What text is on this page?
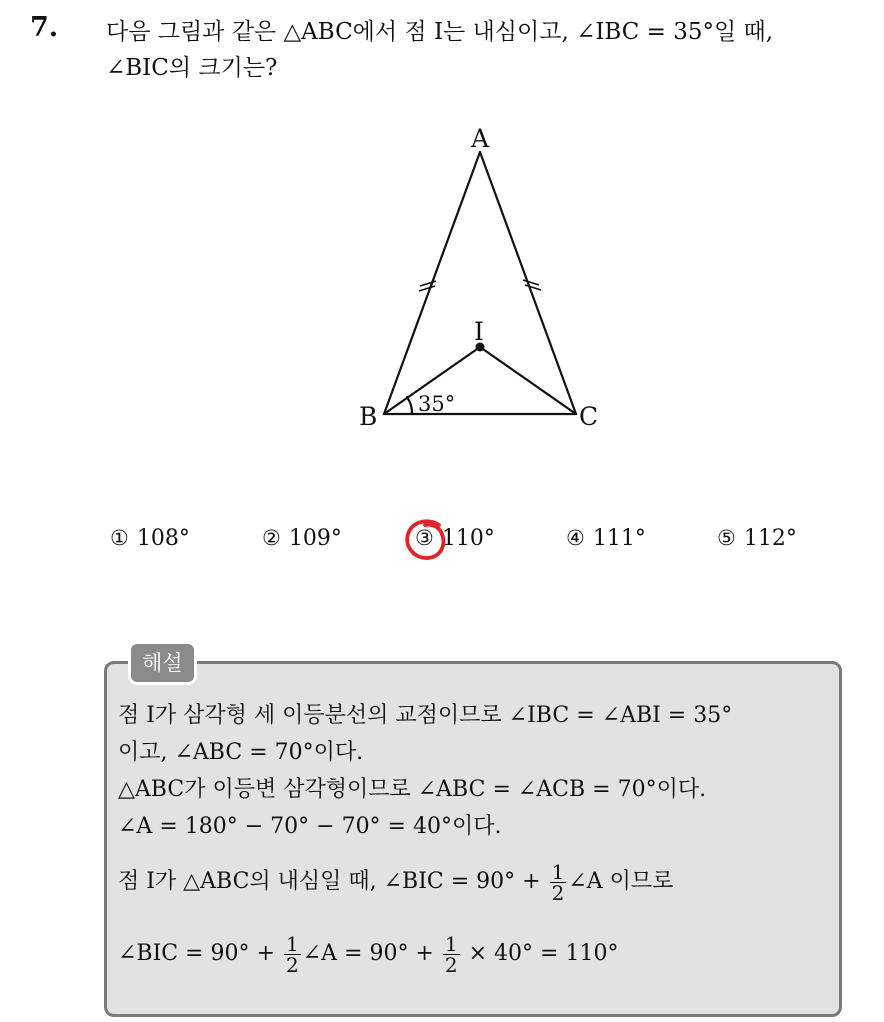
7. 다음 그림과 같은 △ABC에서 점 I는 내심이고, ∠IBC = 35°일 때,
∠BIC의 크기는?
A
B	C
I
35°
① 108°	② 109°	③ 110°	④ 111°	⑤ 112°
해설
점 I가 삼각형 세 이등분선의 교점이므로 ∠IBC = ∠ABI = 35°
이고, ∠ABC = 70°이다.
△ABC가 이등변 삼각형이므로 ∠ABC = ∠ACB = 70°이다.
∠A = 180° − 70° − 70° = 40°이다.
점 I가 △ABC의 내심일 때, ∠BIC = $90^\circ + \frac{1}{2}$ ∠A 이므로
∠BIC = $90^\circ + \frac{1}{2}$ ∠A = $90^\circ + \frac{1}{2} \times 40^\circ = 110^\circ$
